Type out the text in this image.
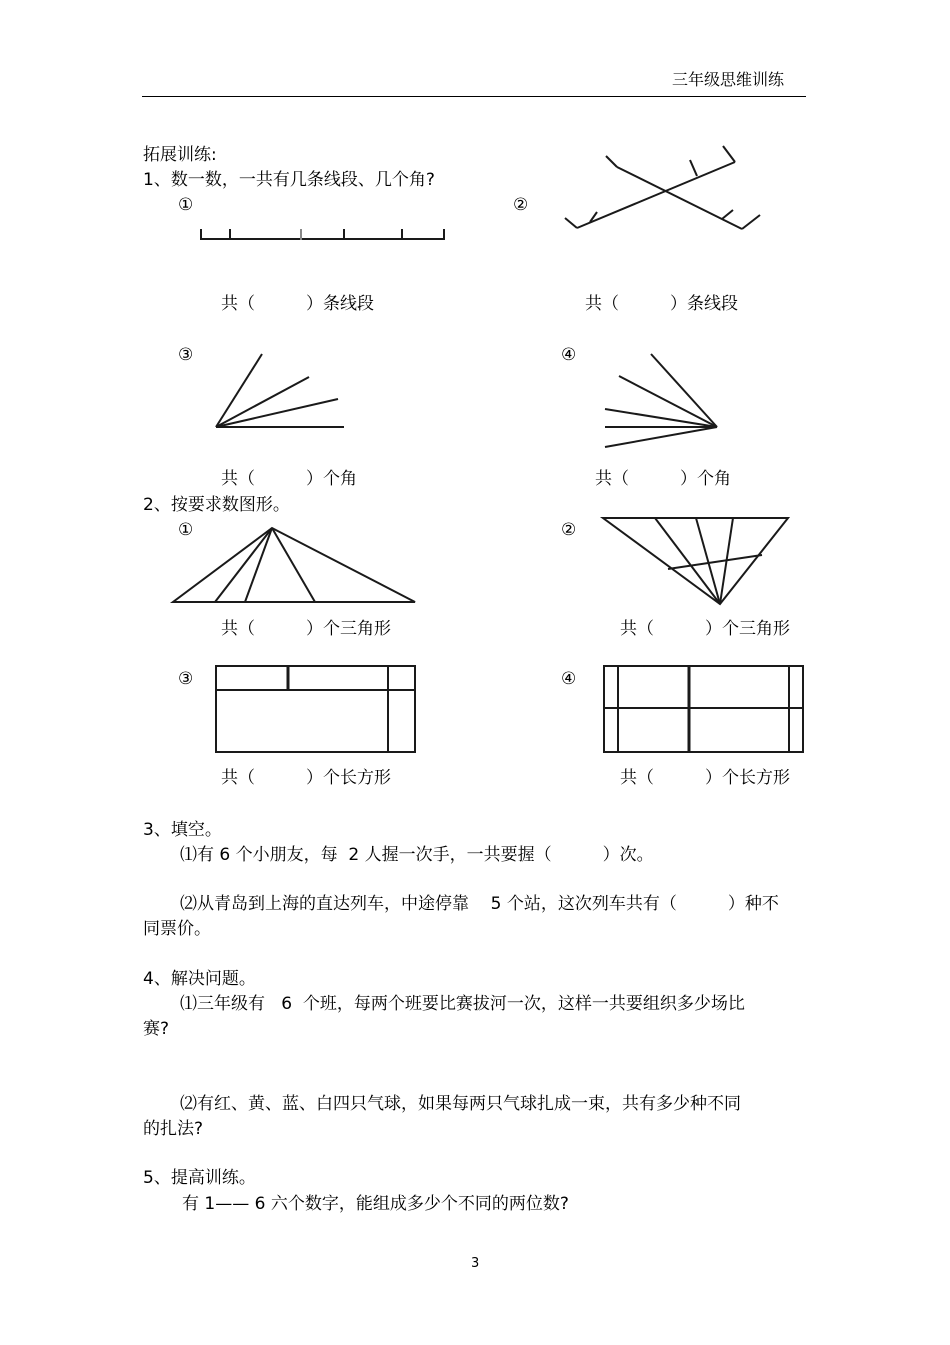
三年级思维训练
拓展训练:
1、数一数，一共有几条线段、几个角?
①	②
共（　　　）条线段	共（　　　）条线段
③	④
共（　　　）个角	共（　　　）个角
2、按要求数图形。
①	②
共（　　　）个三角形	共（　　　）个三角形
③	④
共（　　　）个长方形	共（　　　）个长方形
3、填空。
⑴有 6 个小朋友，每  2 人握一次手，一共要握（　　　）次。
⑵从青岛到上海的直达列车，中途停靠    5 个站，这次列车共有（　　　）种不
同票价。
4、解决问题。
⑴三年级有   6  个班，每两个班要比赛拔河一次，这样一共要组织多少场比
赛?
⑵有红、黄、蓝、白四只气球，如果每两只气球扎成一束，共有多少种不同
的扎法?
5、提高训练。
有 1—— 6 六个数字，能组成多少个不同的两位数?
3
